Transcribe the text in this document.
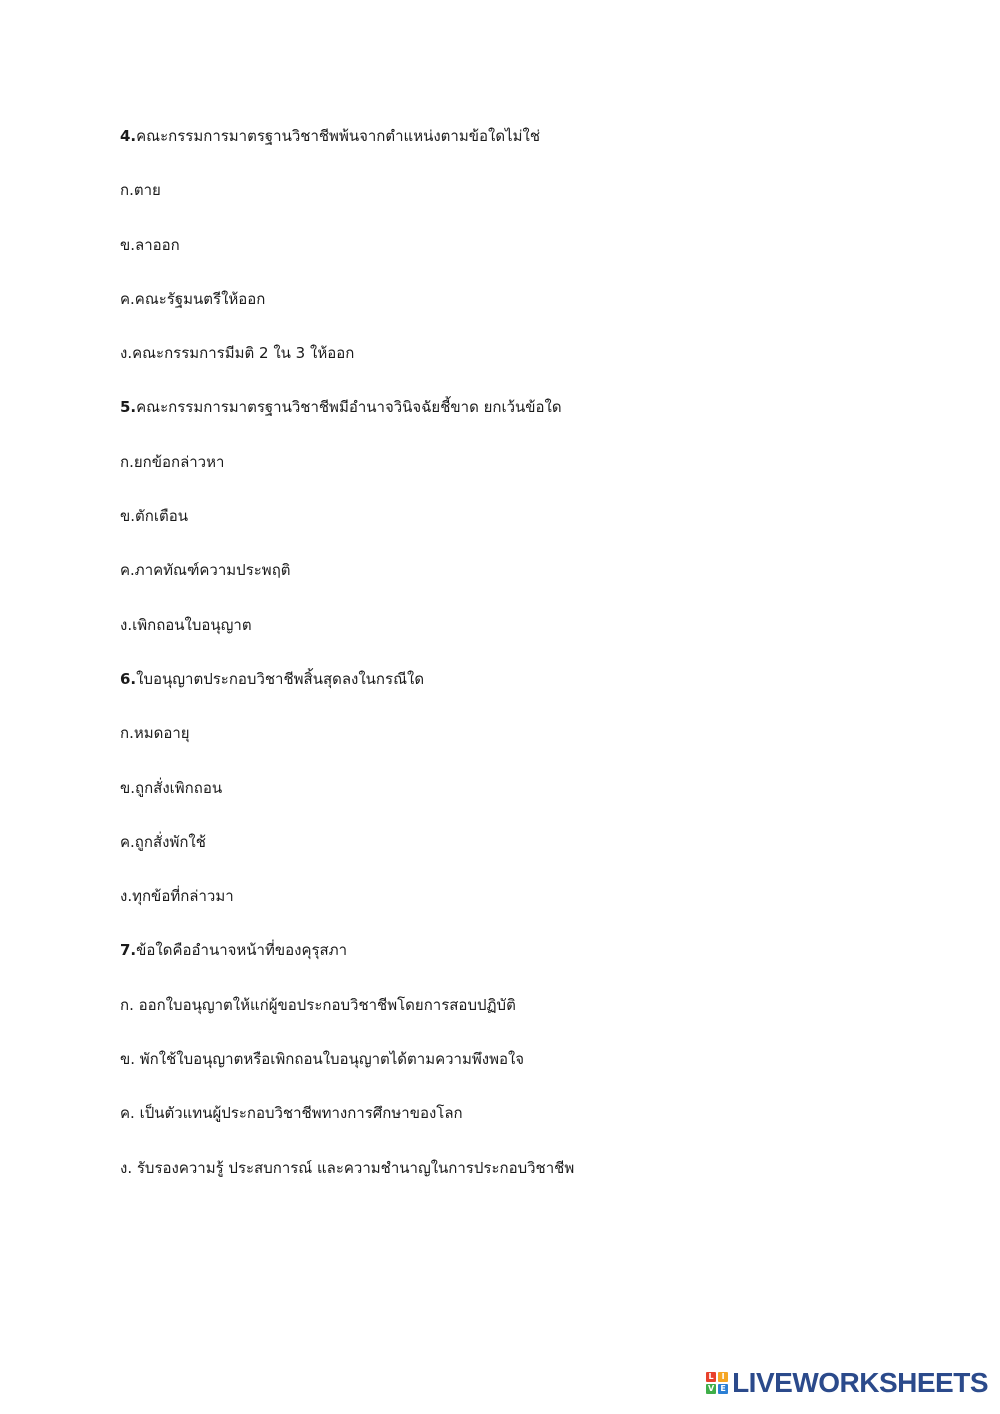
4.คณะกรรมการมาตรฐานวิชาชีพพ้นจากตำแหน่งตามข้อใดไม่ใช่
ก.ตาย
ข.ลาออก
ค.คณะรัฐมนตรีให้ออก
ง.คณะกรรมการมีมติ 2 ใน 3 ให้ออก
5.คณะกรรมการมาตรฐานวิชาชีพมีอำนาจวินิจฉัยชี้ขาด ยกเว้นข้อใด
ก.ยกข้อกล่าวหา
ข.ตักเตือน
ค.ภาคทัณฑ์ความประพฤติ
ง.เพิกถอนใบอนุญาต
6.ใบอนุญาตประกอบวิชาชีพสิ้นสุดลงในกรณีใด
ก.หมดอายุ
ข.ถูกสั่งเพิกถอน
ค.ถูกสั่งพักใช้
ง.ทุกข้อที่กล่าวมา
7.ข้อใดคืออำนาจหน้าที่ของคุรุสภา
ก. ออกใบอนุญาตให้แก่ผู้ขอประกอบวิชาชีพโดยการสอบปฏิบัติ
ข. พักใช้ใบอนุญาตหรือเพิกถอนใบอนุญาตได้ตามความพึงพอใจ
ค. เป็นตัวแทนผู้ประกอบวิชาชีพทางการศึกษาของโลก
ง. รับรองความรู้ ประสบการณ์ และความชำนาญในการประกอบวิชาชีพ
L I
V E LIVEWORKSHEETS
